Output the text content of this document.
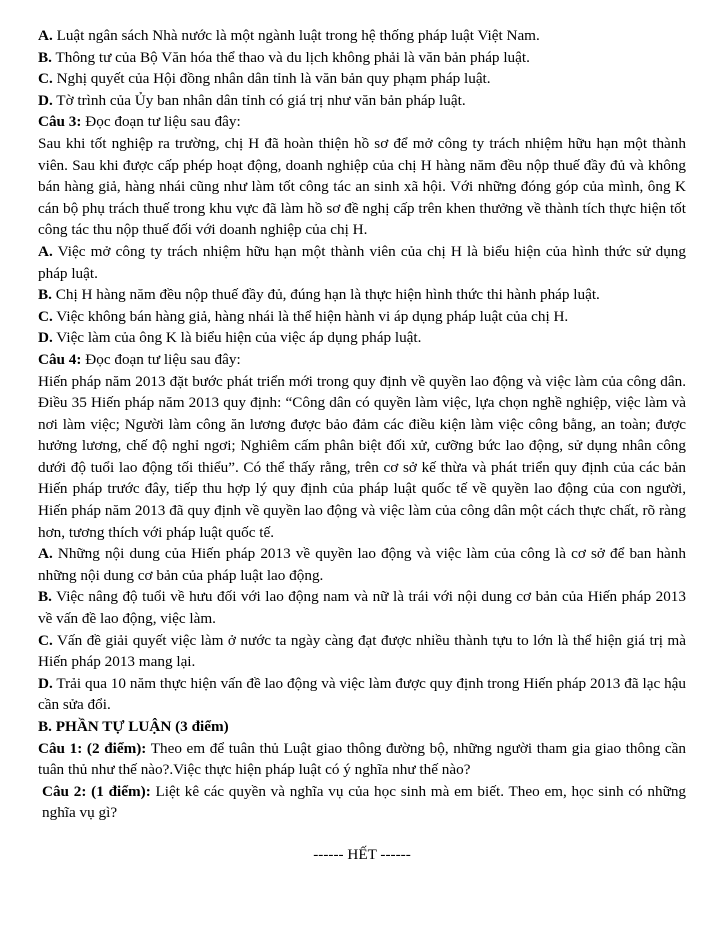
A. Luật ngân sách Nhà nước là một ngành luật trong hệ thống pháp luật Việt Nam.

B. Thông tư của Bộ Văn hóa thể thao và du lịch không phải là văn bản pháp luật.

C. Nghị quyết của Hội đồng nhân dân tỉnh là văn bản quy phạm pháp luật.

D. Tờ trình của Ủy ban nhân dân tỉnh có giá trị như văn bản pháp luật.

Câu 3: Đọc đoạn tư liệu sau đây:

Sau khi tốt nghiệp ra trường, chị H đã hoàn thiện hồ sơ để mở công ty trách nhiệm hữu hạn một thành viên. Sau khi được cấp phép hoạt động, doanh nghiệp của chị H hàng năm đều nộp thuế đầy đủ và không bán hàng giả, hàng nhái cũng như làm tốt công tác an sinh xã hội. Với những đóng góp của mình, ông K cán bộ phụ trách thuế trong khu vực đã làm hồ sơ đề nghị cấp trên khen thưởng về thành tích thực hiện tốt công tác thu nộp thuế đối với doanh nghiệp của chị H.

A. Việc mở công ty trách nhiệm hữu hạn một thành viên của chị H là biểu hiện của hình thức sử dụng pháp luật.

B. Chị H hàng năm đều nộp thuế đầy đủ, đúng hạn là thực hiện hình thức thi hành pháp luật.

C. Việc không bán hàng giả, hàng nhái là thể hiện hành vi áp dụng pháp luật của chị H.

D. Việc làm của ông K là biểu hiện của việc áp dụng pháp luật.

Câu 4: Đọc đoạn tư liệu sau đây:

Hiến pháp năm 2013 đặt bước phát triển mới trong quy định về quyền lao động và việc làm của công dân. Điều 35 Hiến pháp năm 2013 quy định: “Công dân có quyền làm việc, lựa chọn nghề nghiệp, việc làm và nơi làm việc; Người làm công ăn lương được bảo đảm các điều kiện làm việc công bằng, an toàn; được hưởng lương, chế độ nghỉ ngơi; Nghiêm cấm phân biệt đối xử, cưỡng bức lao động, sử dụng nhân công dưới độ tuổi lao động tối thiểu”. Có thể thấy rằng, trên cơ sở kế thừa và phát triển quy định của các bản Hiến pháp trước đây, tiếp thu hợp lý quy định của pháp luật quốc tế về quyền lao động của con người, Hiến pháp năm 2013 đã quy định về quyền lao động và việc làm của công dân một cách thực chất, rõ ràng hơn, tương thích với pháp luật quốc tế.

A. Những nội dung của Hiến pháp 2013 về quyền lao động và việc làm của công là cơ sở để ban hành những nội dung cơ bản của pháp luật lao động.

B. Việc nâng độ tuổi về hưu đối với lao động nam và nữ là trái với nội dung cơ bản của Hiến pháp 2013 về vấn đề lao động, việc làm.

C. Vấn đề giải quyết việc làm ở nước ta ngày càng đạt được nhiều thành tựu to lớn là thể hiện giá trị mà Hiến pháp 2013 mang lại.

D. Trải qua 10 năm thực hiện vấn đề lao động và việc làm được quy định trong Hiến pháp 2013 đã lạc hậu cần sửa đổi.

B. PHẦN TỰ LUẬN (3 điểm)

Câu 1: (2 điểm): Theo em để tuân thủ Luật giao thông đường bộ, những người tham gia giao thông cần tuân thủ như thế nào?.Việc thực hiện pháp luật có ý nghĩa như thế nào?

Câu 2: (1 điểm): Liệt kê các quyền và nghĩa vụ của học sinh mà em biết. Theo em, học sinh có những nghĩa vụ gì?

------ HẾT ------
